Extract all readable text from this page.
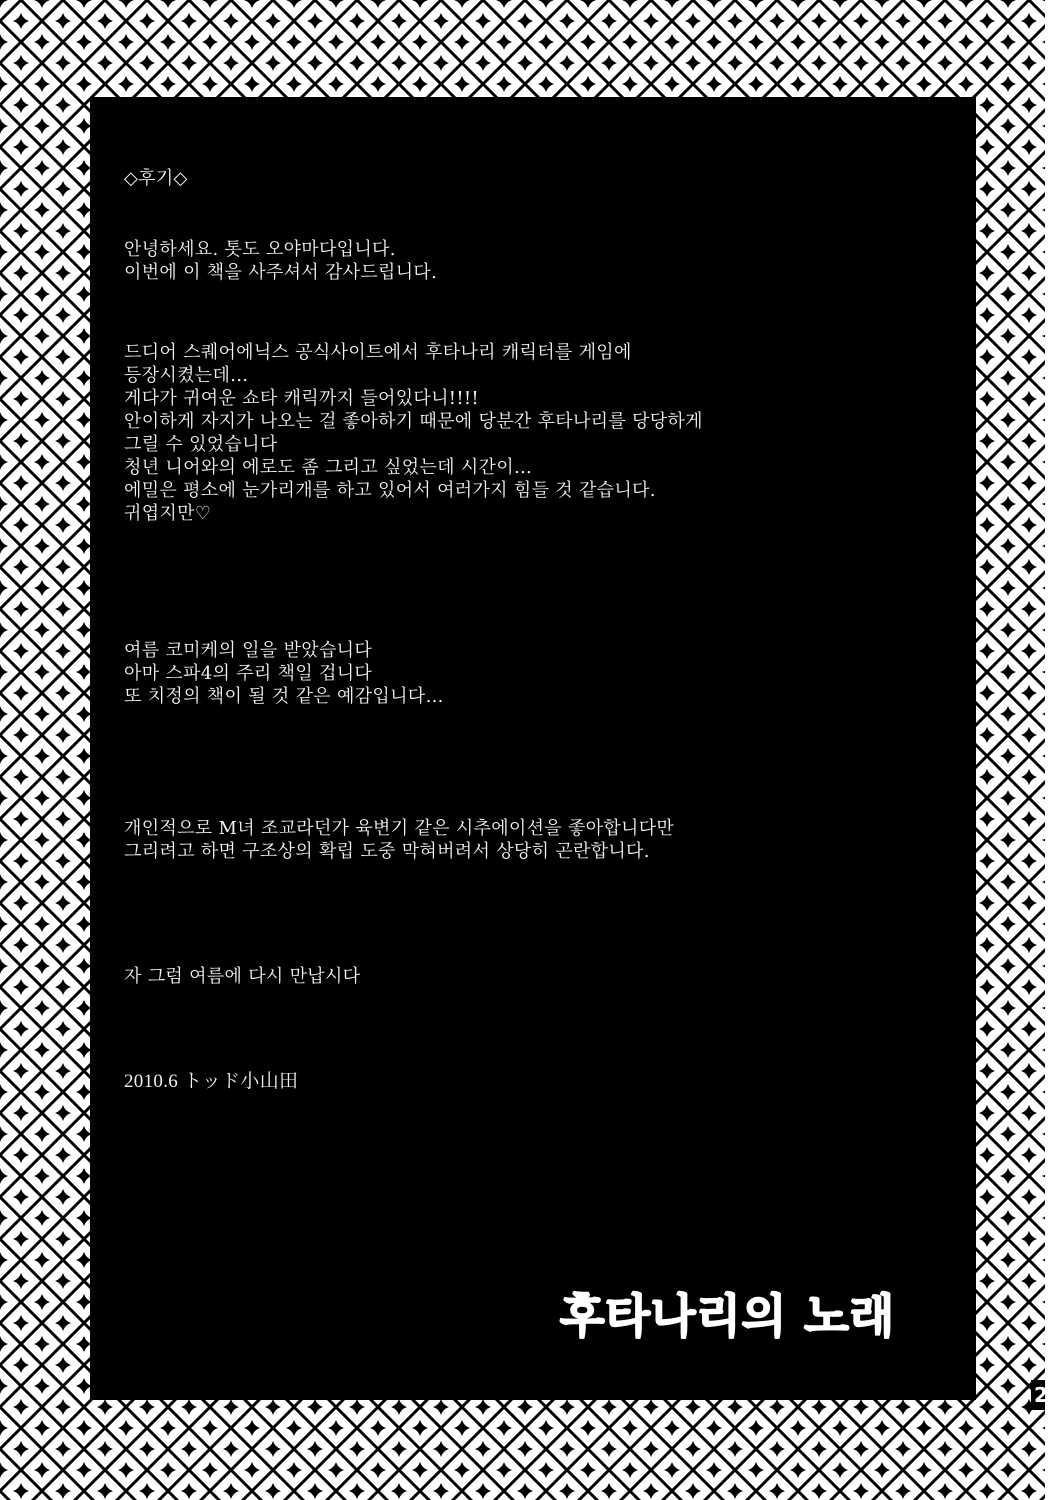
◇후기◇
안녕하세요. 톳도 오야마다입니다.
이번에 이 책을 사주셔서 감사드립니다.
드디어 스퀘어에닉스 공식사이트에서 후타나리 캐릭터를 게임에
등장시켰는데…
게다가 귀여운 쇼타 캐릭까지 들어있다니!!!!
안이하게 자지가 나오는 걸 좋아하기 때문에 당분간 후타나리를 당당하게
그릴 수 있었습니다
청년 니어와의 에로도 좀 그리고 싶었는데 시간이…
에밀은 평소에 눈가리개를 하고 있어서 여러가지 힘들 것 같습니다.
귀엽지만♡
여름 코미케의 일을 받았습니다
아마 스파4의 주리 책일 겁니다
또 치정의 책이 될 것 같은 예감입니다…
개인적으로 M녀 조교라던가 육변기 같은 시추에이션을 좋아합니다만
그리려고 하면 구조상의 확립 도중 막혀버려서 상당히 곤란합니다.
자 그럼 여름에 다시 만납시다
2010.6 トッド小山田
후타나리의 노래
2
